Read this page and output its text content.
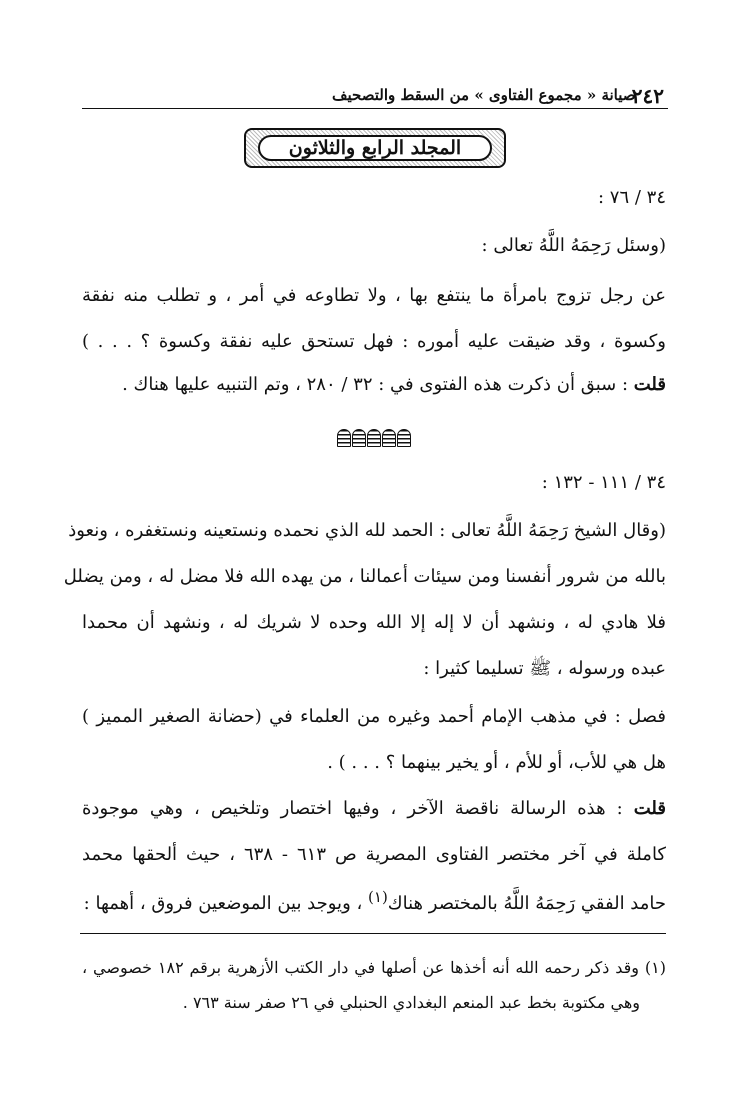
٢٤٢
صيانة « مجموع الفتاوى » من السقط والتصحيف
المجلد الرابع والثلاثون
٣٤ / ٧٦ :
(وسئل رَحِمَهُ اللَّهُ تعالى :
عن رجل تزوج بامرأة ما ينتفع بها ، ولا تطاوعه في أمر ، و تطلب منه نفقة
وكسوة ، وقد ضيقت عليه أموره : فهل تستحق عليه نفقة وكسوة ؟ . . . )
قلت : سبق أن ذكرت هذه الفتوى في : ٣٢ / ٢٨٠ ، وتم التنبيه عليها هناك .
٣٤ / ١١١ - ١٣٢ :
(وقال الشيخ رَحِمَهُ اللَّهُ تعالى : الحمد لله الذي نحمده ونستعينه ونستغفره ، ونعوذ
بالله من شرور أنفسنا ومن سيئات أعمالنا ، من يهده الله فلا مضل له ، ومن يضلل
فلا هادي له ، ونشهد أن لا إله إلا الله وحده لا شريك له ، ونشهد أن محمدا
عبده ورسوله ، ﷺ تسليما كثيرا :
فصل : في مذهب الإمام أحمد وغيره من العلماء في (حضانة الصغير المميز )
هل هي للأب، أو للأم ، أو يخير بينهما ؟ . . . ) .
قلت : هذه الرسالة ناقصة الآخر ، وفيها اختصار وتلخيص ، وهي موجودة
كاملة في آخر مختصر الفتاوى المصرية ص ٦١٣ - ٦٣٨ ، حيث ألحقها محمد
حامد الفقي رَحِمَهُ اللَّهُ بالمختصر هناك$^{(١)}$ ، ويوجد بين الموضعين فروق ، أهمها :
(١) وقد ذكر رحمه الله أنه أخذها عن أصلها في دار الكتب الأزهرية برقم ١٨٢ خصوصي ،
وهي مكتوبة بخط عبد المنعم البغدادي الحنبلي في ٢٦ صفر سنة ٧٦٣ .
